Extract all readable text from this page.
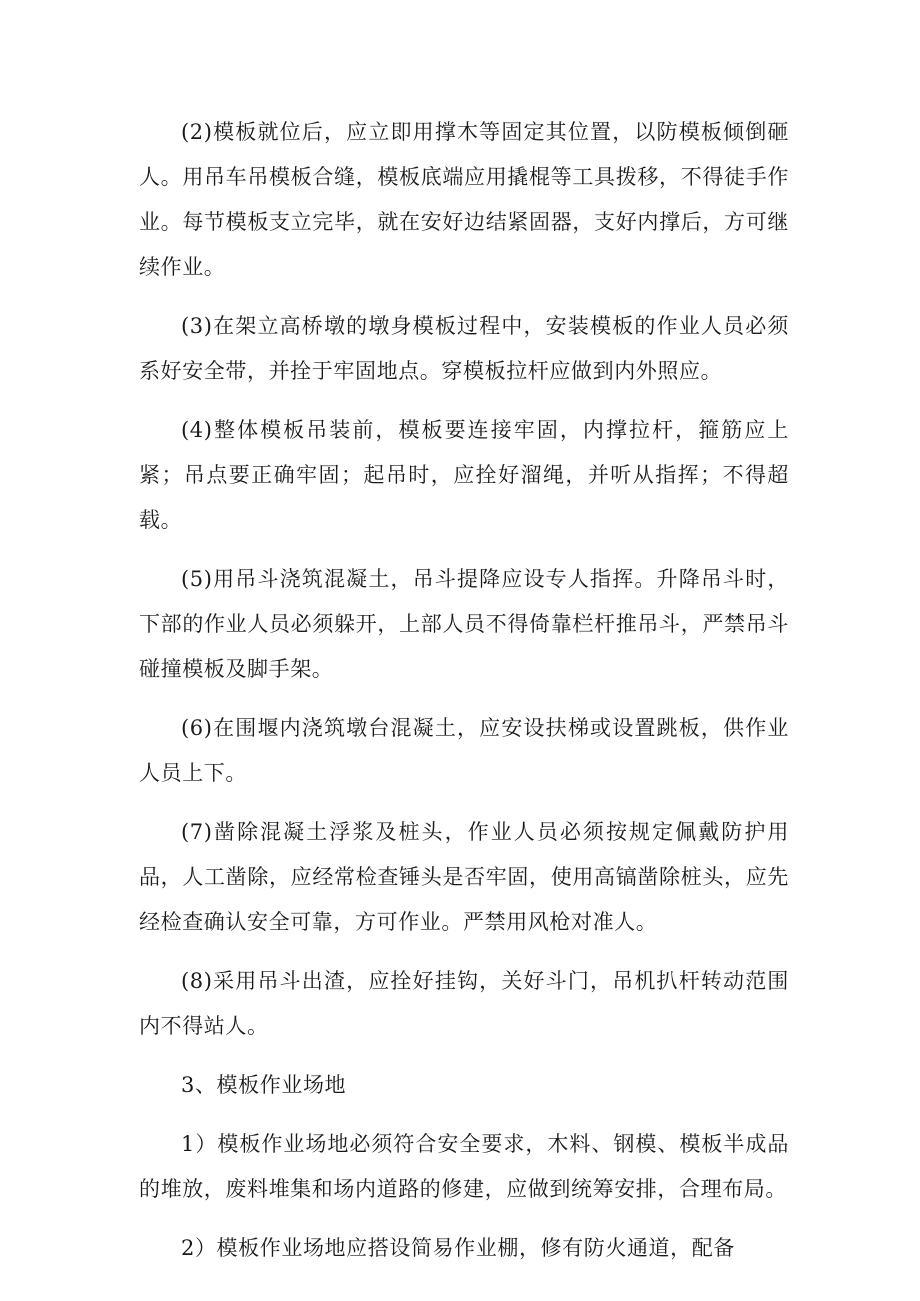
(2)模板就位后，应立即用撑木等固定其位置，以防模板倾倒砸人。用吊车吊模板合缝，模板底端应用撬棍等工具拨移，不得徒手作业。每节模板支立完毕，就在安好边结紧固器，支好内撑后，方可继续作业。

(3)在架立高桥墩的墩身模板过程中，安装模板的作业人员必须系好安全带，并拴于牢固地点。穿模板拉杆应做到内外照应。

(4)整体模板吊装前，模板要连接牢固，内撑拉杆，箍筋应上紧；吊点要正确牢固；起吊时，应拴好溜绳，并听从指挥；不得超载。

(5)用吊斗浇筑混凝土，吊斗提降应设专人指挥。升降吊斗时，下部的作业人员必须躲开，上部人员不得倚靠栏杆推吊斗，严禁吊斗碰撞模板及脚手架。

(6)在围堰内浇筑墩台混凝土，应安设扶梯或设置跳板，供作业人员上下。

(7)凿除混凝土浮浆及桩头，作业人员必须按规定佩戴防护用品，人工凿除，应经常检查锤头是否牢固，使用高镐凿除桩头，应先经检查确认安全可靠，方可作业。严禁用风枪对准人。

(8)采用吊斗出渣，应拴好挂钩，关好斗门，吊机扒杆转动范围内不得站人。

3、模板作业场地

1）模板作业场地必须符合安全要求，木料、钢模、模板半成品的堆放，废料堆集和场内道路的修建，应做到统筹安排，合理布局。

2）模板作业场地应搭设简易作业棚，修有防火通道，配备
